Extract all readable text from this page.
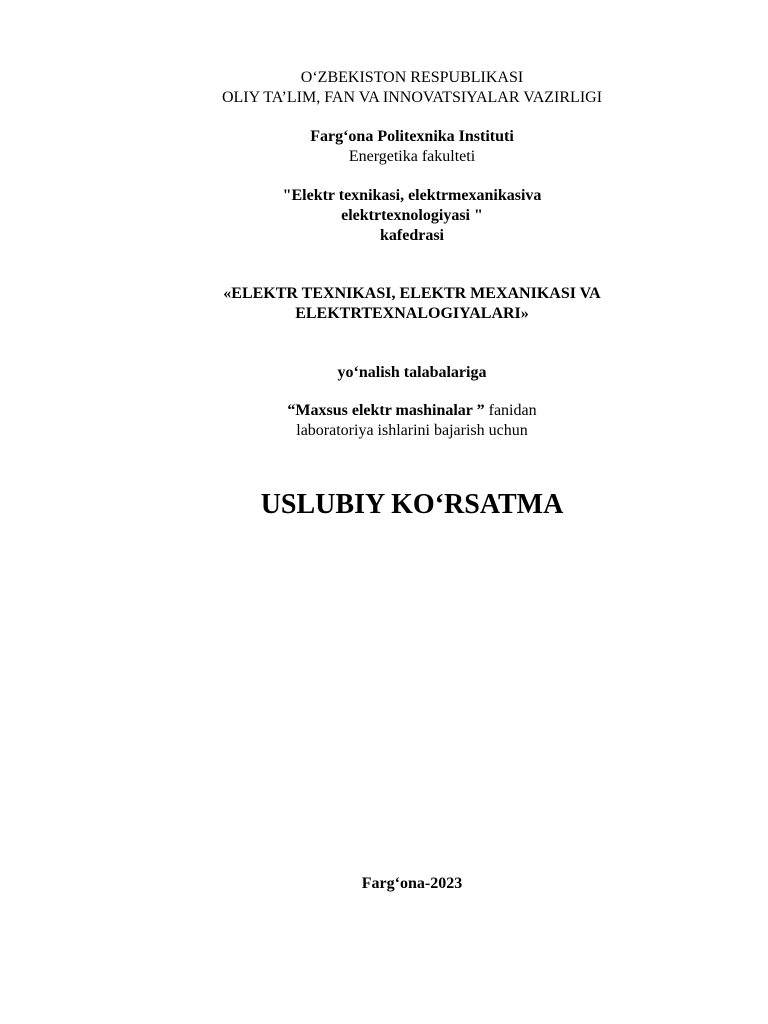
O‘ZBEKISTON RESPUBLIKASI
OLIY TA’LIM, FAN VA INNOVATSIYALAR VAZIRLIGI
Farg‘ona Politexnika Instituti
Energetika fakulteti
"Elektr texnikasi, elektrmexanikasiva
elektrtexnologiyasi "
kafedrasi
«ELEKTR TEXNIKASI, ELEKTR MEXANIKASI VA
ELEKTRTEXNALOGIYALARI»
yo‘nalish talabalariga
“Maxsus elektr mashinalar ” fanidan
laboratoriya ishlarini bajarish uchun
USLUBIY KO‘RSATMA
Farg‘ona-2023
